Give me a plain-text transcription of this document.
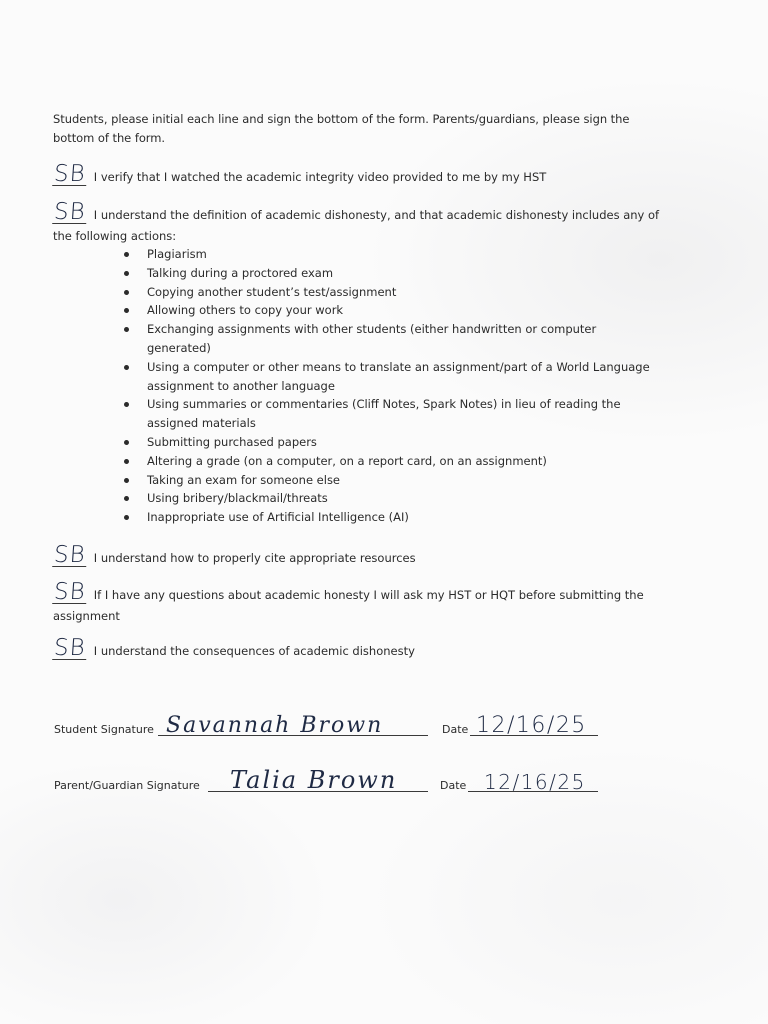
Students, please initial each line and sign the bottom of the form. Parents/guardians, please sign the bottom of the form.
SB I verify that I watched the academic integrity video provided to me by my HST
SB I understand the definition of academic dishonesty, and that academic dishonesty includes any of the following actions:
Plagiarism
Talking during a proctored exam
Copying another student’s test/assignment
Allowing others to copy your work
Exchanging assignments with other students (either handwritten or computer generated)
Using a computer or other means to translate an assignment/part of a World Language assignment to another language
Using summaries or commentaries (Cliff Notes, Spark Notes) in lieu of reading the assigned materials
Submitting purchased papers
Altering a grade (on a computer, on a report card, on an assignment)
Taking an exam for someone else
Using bribery/blackmail/threats
Inappropriate use of Artificial Intelligence (AI)
SB I understand how to properly cite appropriate resources
SB If I have any questions about academic honesty I will ask my HST or HQT before submitting the assignment
SB I understand the consequences of academic dishonesty
Student Signature Savannah Brown	Date 12/16/25
Parent/Guardian Signature Talia Brown	Date 12/16/25
